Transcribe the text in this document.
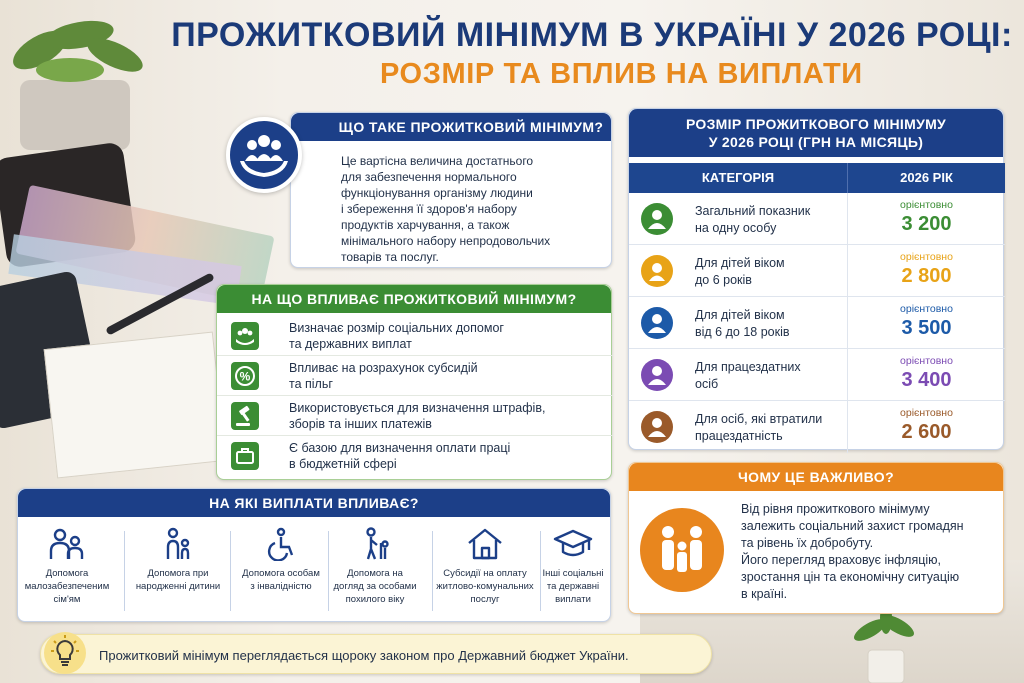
ПРОЖИТКОВИЙ МІНІМУМ В УКРАЇНІ У 2026 РОЦІ:
РОЗМІР ТА ВПЛИВ НА ВИПЛАТИ
ЩО ТАКЕ ПРОЖИТКОВИЙ МІНІМУМ?
Це вартісна величина достатнього
для забезпечення нормального
функціонування організму людини
і збереження її здоров'я набору
продуктів харчування, а також
мінімального набору непродовольчих
товарів та послуг.
НА ЩО ВПЛИВАЄ ПРОЖИТКОВИЙ МІНІМУМ?
Визначає розмір соціальних допомог
та державних виплат
%
Впливає на розрахунок субсидій
та пільг
Використовується для визначення штрафів,
зборів та інших платежів
Є базою для визначення оплати праці
в бюджетній сфері
НА ЯКІ ВИПЛАТИ ВПЛИВАЄ?
Допомога
малозабезпеченим
сім'ям
Допомога при
народженні дитини
Допомога особам
з інвалідністю
Допомога на
догляд за особами
похилого віку
Субсидії на оплату
житлово-комунальних
послуг
Інші соціальні
та державні
виплати
Прожитковий мінімум переглядається щороку законом про Державний бюджет України.
РОЗМІР ПРОЖИТКОВОГО МІНІМУМУ
У 2026 РОЦІ (ГРН НА МІСЯЦЬ)
КАТЕГОРІЯ	2026 РІК
Загальний показник
на одну особу
орієнтовно
3 200
Для дітей віком
до 6 років
орієнтовно
2 800
Для дітей віком
від 6 до 18 років
орієнтовно
3 500
Для працездатних
осіб
орієнтовно
3 400
Для осіб, які втратили
працездатність
орієнтовно
2 600
ЧОМУ ЦЕ ВАЖЛИВО?
Від рівня прожиткового мінімуму
залежить соціальний захист громадян
та рівень їх добробуту.
Його перегляд враховує інфляцію,
зростання цін та економічну ситуацію
в країні.
